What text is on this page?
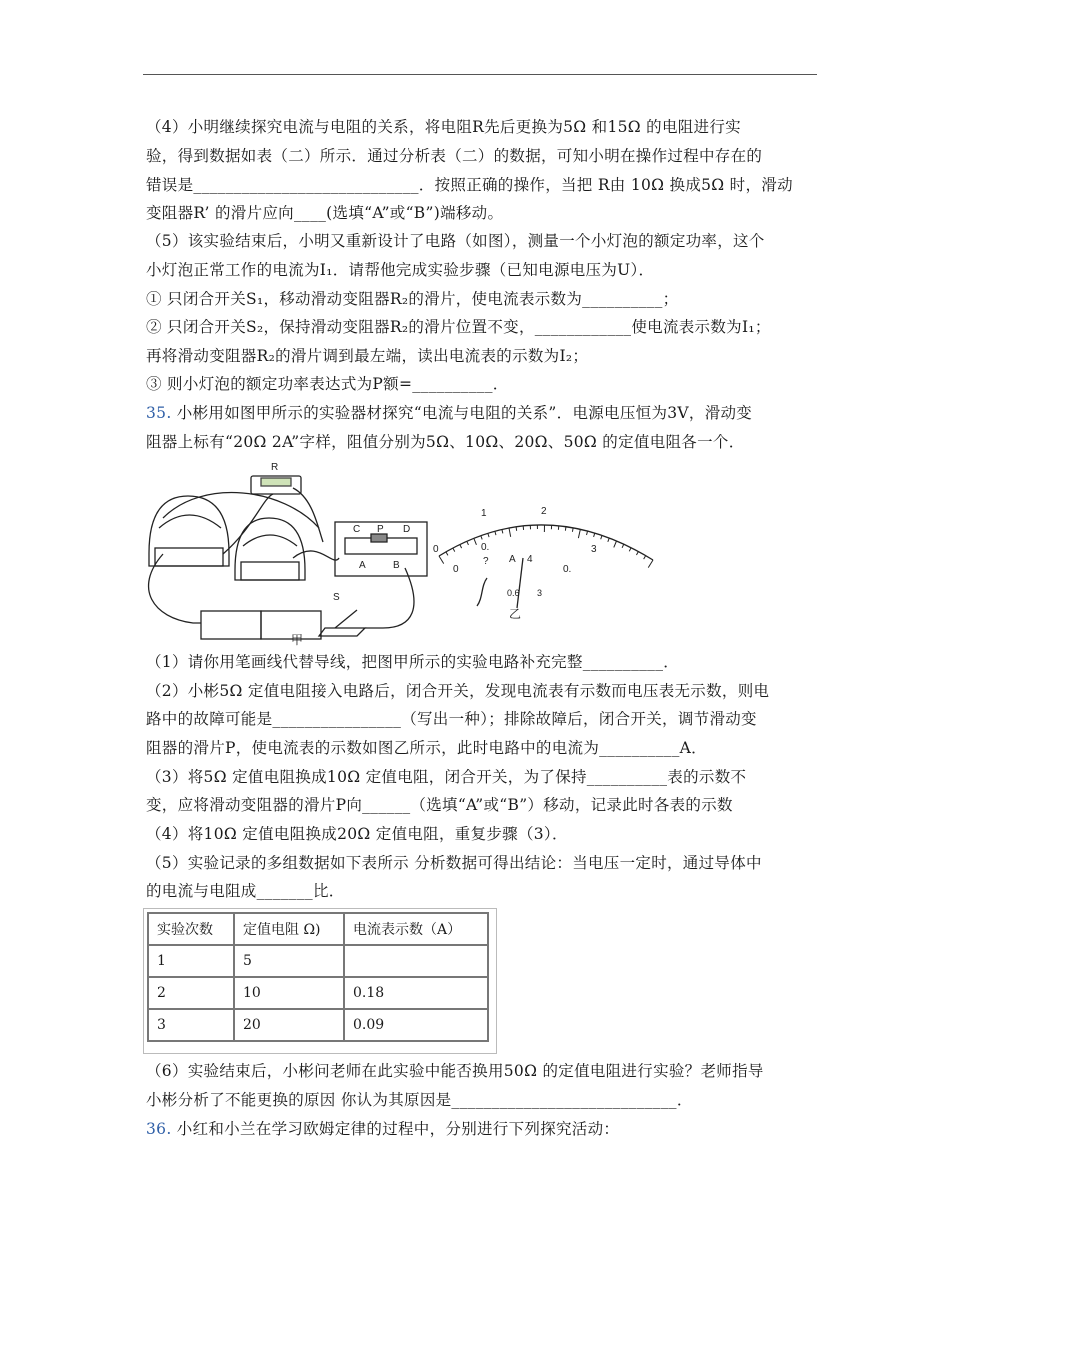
（4）小明继续探究电流与电阻的关系，将电阻R先后更换为5Ω 和15Ω 的电阻进行实
验，得到数据如表（二）所示．通过分析表（二）的数据，可知小明在操作过程中存在的
错误是____________________________．按照正确的操作，当把 R由 10Ω 换成5Ω 时，滑动
变阻器R’ 的滑片应向____(选填“A”或“B”)端移动。
（5）该实验结束后，小明又重新设计了电路（如图），测量一个小灯泡的额定功率，这个
小灯泡正常工作的电流为I₁．请帮他完成实验步骤（已知电源电压为U）．
① 只闭合开关S₁，移动滑动变阻器R₂的滑片，使电流表示数为__________；
② 只闭合开关S₂，保持滑动变阻器R₂的滑片位置不变，____________使电流表示数为I₁；
再将滑动变阻器R₂的滑片调到最左端，读出电流表的示数为I₂；
③ 则小灯泡的额定功率表达式为P额=__________．
35. 小彬用如图甲所示的实验器材探究“电流与电阻的关系”．电源电压恒为3V，滑动变
阻器上标有“20Ω 2A”字样，阻值分别为5Ω、10Ω、20Ω、50Ω 的定值电阻各一个．
R
S
甲
乙
C P D
A	B
1	2
3
0
0
0.
0.
? A 4
0.6 3
（1）请你用笔画线代替导线，把图甲所示的实验电路补充完整__________．
（2）小彬5Ω 定值电阻接入电路后，闭合开关，发现电流表有示数而电压表无示数，则电
路中的故障可能是________________（写出一种）；排除故障后，闭合开关，调节滑动变
阻器的滑片P，使电流表的示数如图乙所示，此时电路中的电流为__________A．
（3）将5Ω 定值电阻换成10Ω 定值电阻，闭合开关，为了保持__________表的示数不
变，应将滑动变阻器的滑片P向______（选填“A”或“B”）移动，记录此时各表的示数
（4）将10Ω 定值电阻换成20Ω 定值电阻，重复步骤（3）．
（5）实验记录的多组数据如下表所示 分析数据可得出结论：当电压一定时，通过导体中
的电流与电阻成_______比．
实验次数	定值电阻 Ω)	电流表示数（A）
1	5	
2	10	0.18
3	20	0.09
（6）实验结束后，小彬问老师在此实验中能否换用50Ω 的定值电阻进行实验？老师指导
小彬分析了不能更换的原因 你认为其原因是____________________________．
36. 小红和小兰在学习欧姆定律的过程中，分别进行下列探究活动：
